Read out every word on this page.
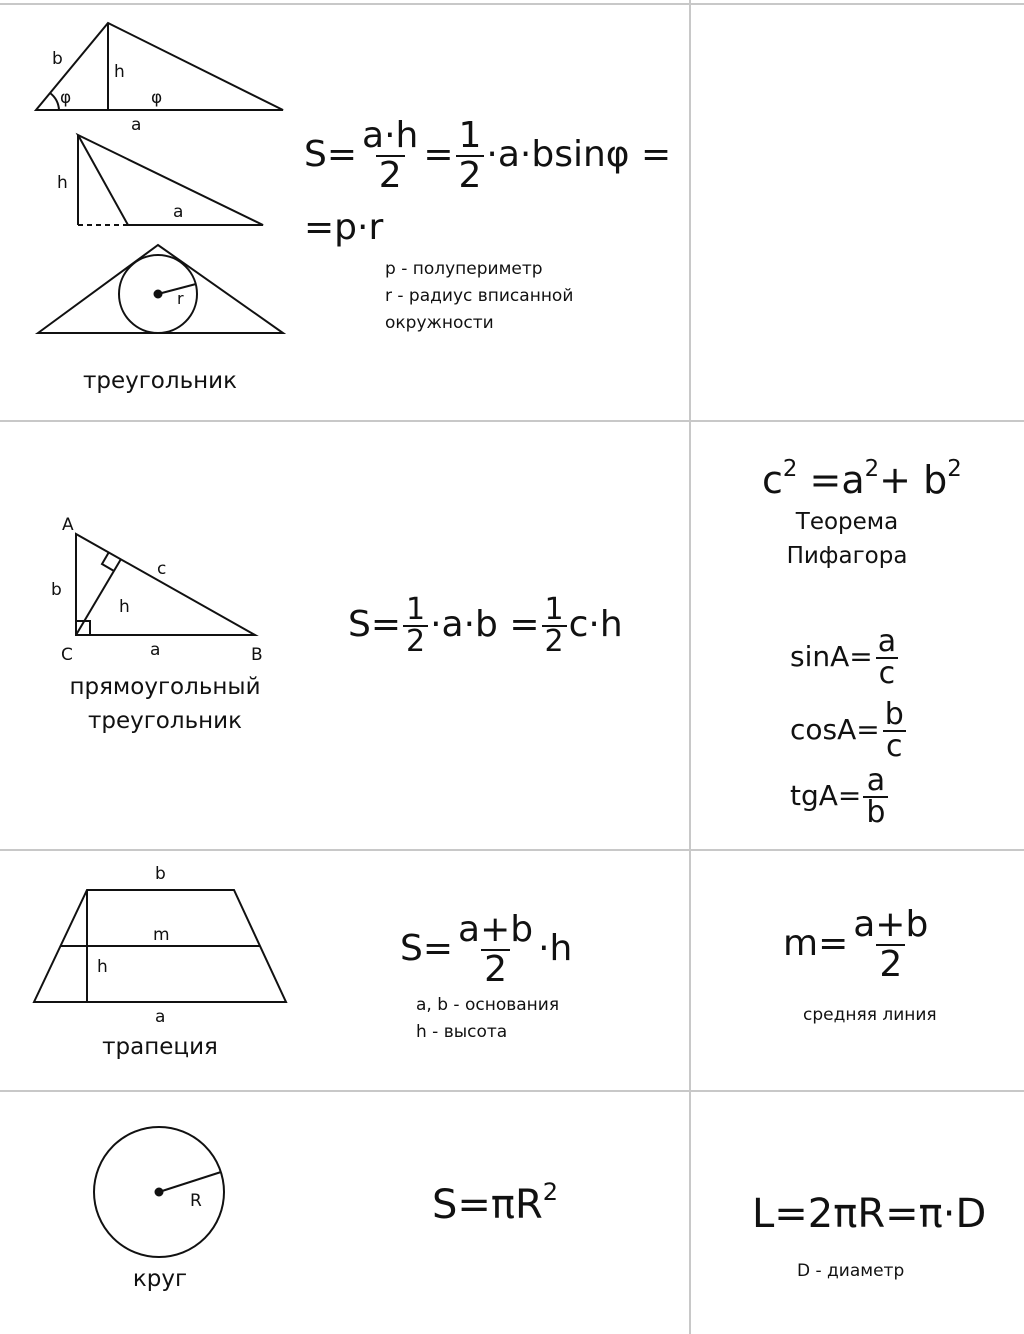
b
h
φ	φ
a
h
a
r
треугольник
$S= \frac{a\cdot h}{2} = \frac{1}{2} \cdot a\cdot bsin\varphi$ =
=p·r
p - полупериметр
r - радиус вписанной
окружности
A
C	B
b
c
h
a
прямоугольный
треугольник
$S= \frac{1}{2} \cdot a\cdot b = \frac{1}{2} c\cdot h$
$c^2 =a^2+ b^2$
Теорема
Пифагора
$\sin A= \frac{a}{c}$
$\cos A= \frac{b}{c}$
$tgA= \frac{a}{b}$
b
m
h
a
трапеция
$S= \frac{a+b}{2} \cdot h$
a, b - основания
h - высота
$m= \frac{a+b}{2}$
средняя линия
R
круг
$S=\pi R^2$	L=2πR=π·D
D - диаметр
